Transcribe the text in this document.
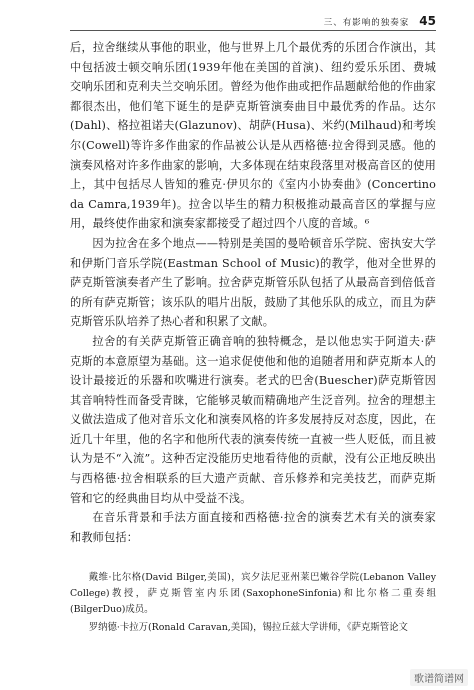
三、有影响的独奏家 45

后，拉舍继续从事他的职业，他与世界上几个最优秀的乐团合作演出，其中包括波士顿交响乐团(1939年他在美国的首演)、纽约爱乐乐团、费城交响乐团和克利夫兰交响乐团。曾经为他作曲或把作品题献给他的作曲家都很杰出，他们笔下诞生的是萨克斯管演奏曲目中最优秀的作品。达尔(Dahl)、格拉祖诺夫(Glazunov)、胡萨(Husa)、米约(Milhaud)和考埃尔(Cowell)等许多作曲家的作品被公认是从西格德·拉舍得到灵感。他的演奏风格对许多作曲家的影响，大多体现在结束段落里对极高音区的使用上，其中包括尽人皆知的雅克·伊贝尔的《室内小协奏曲》(Concertino da Camra,1939年)。拉舍以毕生的精力积极推动最高音区的掌握与应用，最终使作曲家和演奏家都接受了超过四个八度的音域。⁶

因为拉舍在多个地点——特别是美国的曼哈顿音乐学院、密执安大学和伊斯门音乐学院(Eastman School of Music)的教学，他对全世界的萨克斯管演奏者产生了影响。拉舍萨克斯管乐队包括了从最高音到倍低音的所有萨克斯管；该乐队的唱片出版，鼓励了其他乐队的成立，而且为萨克斯管乐队培养了热心者和积累了文献。

拉舍的有关萨克斯管正确音响的独特概念，是以他忠实于阿道夫·萨克斯的本意原望为基础。这一追求促使他和他的追随者用和萨克斯本人的设计最接近的乐器和吹嘴进行演奏。老式的巴舍(Buescher)萨克斯管因其音响特性而备受青睐，它能够灵敏而精确地产生泛音列。拉舍的理想主义做法造成了他对音乐文化和演奏风格的许多发展持反对态度，因此，在近几十年里，他的名字和他所代表的演奏传统一直被一些人贬低，而且被认为是不“入流”。这种否定没能历史地看待他的贡献，没有公正地反映出与西格德·拉舍相联系的巨大遗产贡献、音乐修养和完美技艺，而萨克斯管和它的经典曲目均从中受益不浅。

在音乐背景和手法方面直接和西格德·拉舍的演奏艺术有关的演奏家和教师包括：

戴维·比尔格(David Bilger,美国)，宾夕法尼亚州莱巴嫩谷学院(Lebanon Valley College)教授，萨克斯管室内乐团(SaxophoneSinfonia)和比尔格二重奏组(BilgerDuo)成员。

罗纳德·卡拉万(Ronald Caravan,美国)，锡拉丘兹大学讲师，《萨克斯管论文

歌谱简谱网
